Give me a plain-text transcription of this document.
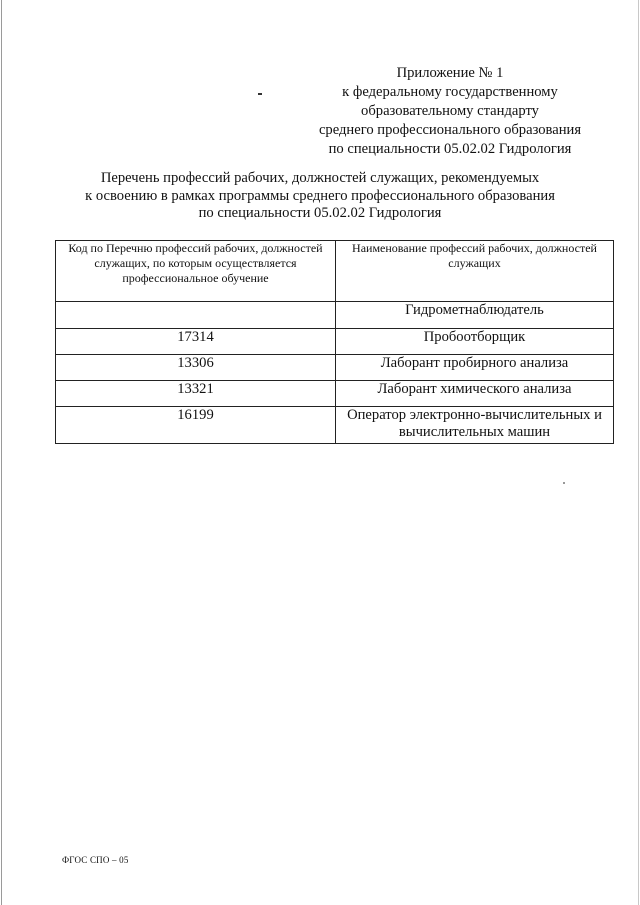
Приложение № 1
к федеральному государственному
образовательному стандарту
среднего профессионального образования
по специальности 05.02.02 Гидрология
Перечень профессий рабочих, должностей служащих, рекомендуемых
к освоению в рамках программы среднего профессионального образования
по специальности 05.02.02 Гидрология
Код по Перечню профессий рабочих, должностей служащих, по которым осуществляется профессиональное обучение	Наименование профессий рабочих, должностей служащих
	Гидрометнаблюдатель
17314	Пробоотборщик
13306	Лаборант пробирного анализа
13321	Лаборант химического анализа
16199	Оператор электронно-вычислительных и вычислительных машин
ФГОС СПО – 05
